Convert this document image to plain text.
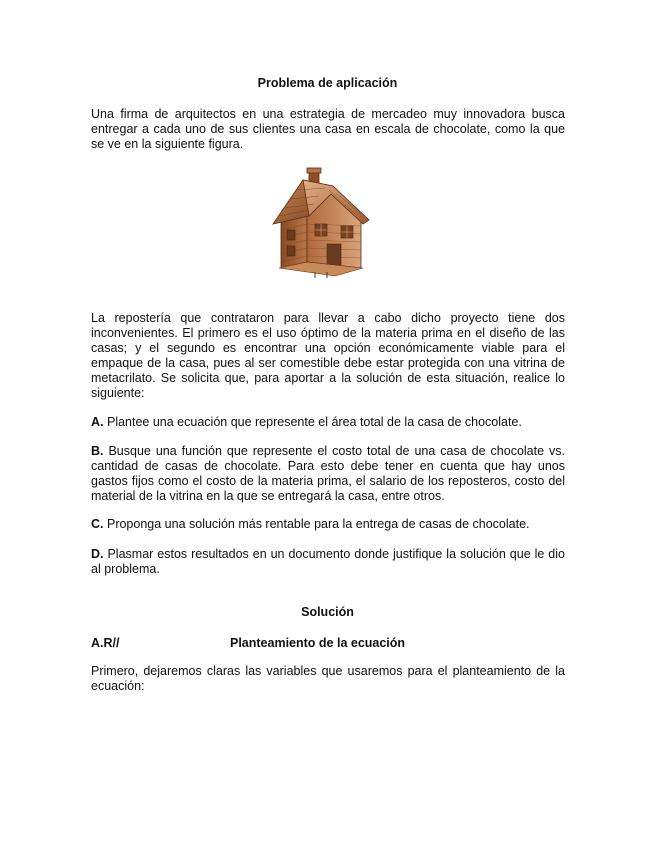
Problema de aplicación

Una firma de arquitectos en una estrategia de mercadeo muy innovadora busca entregar a cada uno de sus clientes una casa en escala de chocolate, como la que se ve en la siguiente figura.

La repostería que contrataron para llevar a cabo dicho proyecto tiene dos inconvenientes. El primero es el uso óptimo de la materia prima en el diseño de las casas; y el segundo es encontrar una opción económicamente viable para el empaque de la casa, pues al ser comestible debe estar protegida con una vitrina de metacrilato. Se solicita que, para aportar a la solución de esta situación, realice lo siguiente:

A. Plantee una ecuación que represente el área total de la casa de chocolate.

B. Busque una función que represente el costo total de una casa de chocolate vs. cantidad de casas de chocolate. Para esto debe tener en cuenta que hay unos gastos fijos como el costo de la materia prima, el salario de los reposteros, costo del material de la vitrina en la que se entregará la casa, entre otros.

C. Proponga una solución más rentable para la entrega de casas de chocolate.

D. Plasmar estos resultados en un documento donde justifique la solución que le dio al problema.

Solución
A.R//	Planteamiento de la ecuación

Primero, dejaremos claras las variables que usaremos para el planteamiento de la ecuación:
